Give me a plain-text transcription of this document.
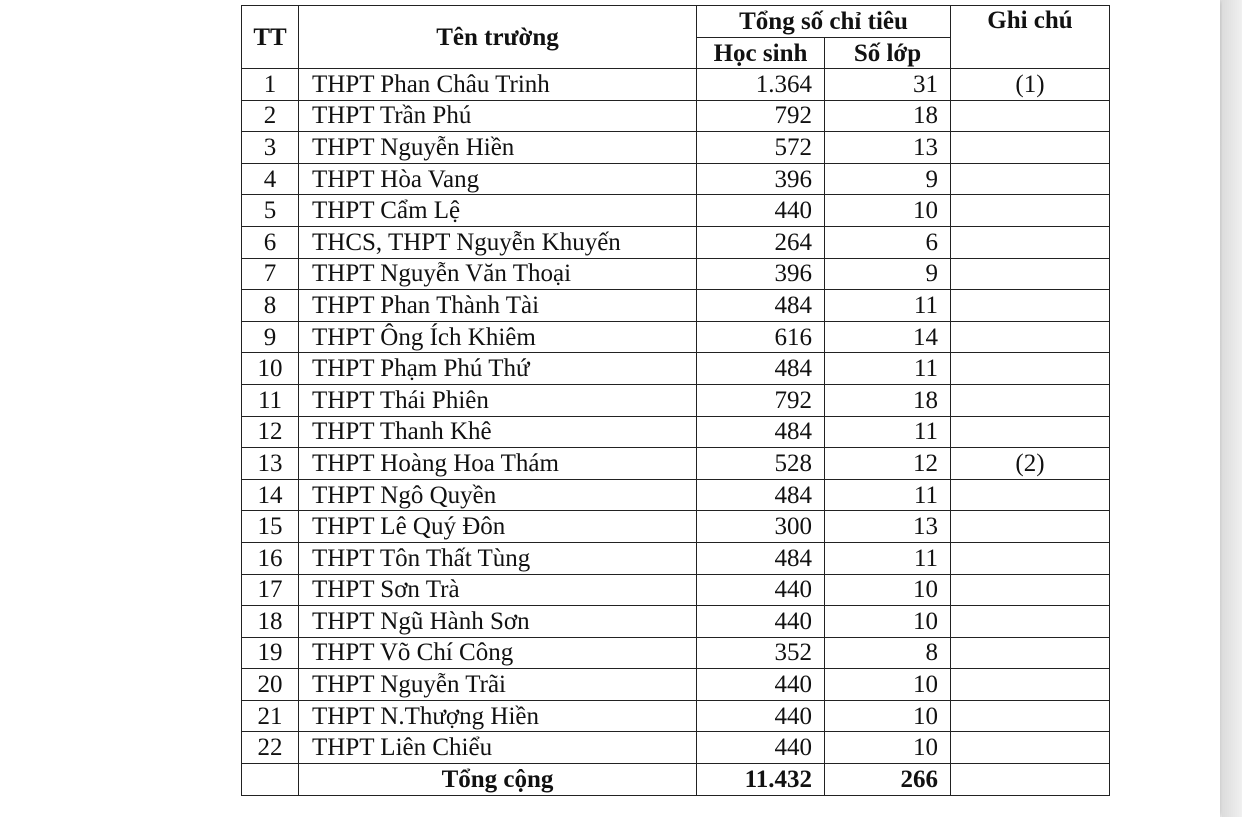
TT	Tên trường	Tổng số chỉ tiêu		Ghi chú
		Học sinh	Số lớp	
1	THPT Phan Châu Trinh	1.364	31	(1)
2	THPT Trần Phú	792	18	
3	THPT Nguyễn Hiền	572	13	
4	THPT Hòa Vang	396	9	
5	THPT Cẩm Lệ	440	10	
6	THCS, THPT Nguyễn Khuyến	264	6	
7	THPT Nguyễn Văn Thoại	396	9	
8	THPT Phan Thành Tài	484	11	
9	THPT Ông Ích Khiêm	616	14	
10	THPT Phạm Phú Thứ	484	11	
11	THPT Thái Phiên	792	18	
12	THPT Thanh Khê	484	11	
13	THPT Hoàng Hoa Thám	528	12	(2)
14	THPT Ngô Quyền	484	11	
15	THPT Lê Quý Đôn	300	13	
16	THPT Tôn Thất Tùng	484	11	
17	THPT Sơn Trà	440	10	
18	THPT Ngũ Hành Sơn	440	10	
19	THPT Võ Chí Công	352	8	
20	THPT Nguyễn Trãi	440	10	
21	THPT N.Thượng Hiền	440	10	
22	THPT Liên Chiểu	440	10	
	Tổng cộng	11.432	266	
